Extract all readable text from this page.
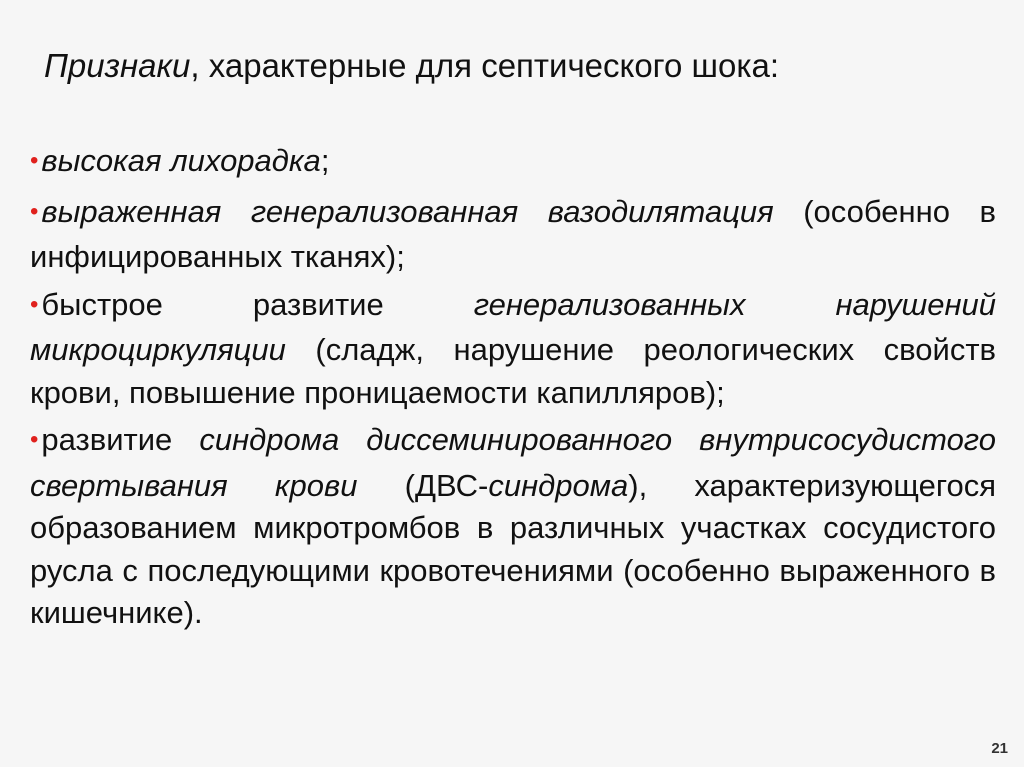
Признаки, характерные для септического шока:
•высокая лихорадка;
•выраженная генерализованная вазодилятация (особенно в инфицированных тканях);
•быстрое развитие генерализованных нарушений микроциркуляции (сладж, нарушение реологических свойств крови, повышение проницаемости капилляров);
•развитие синдрома диссеминированного внутрисосудистого свертывания крови (ДВС-синдрома), характеризующегося образованием микротромбов в различных участках сосудистого русла с последующими кровотечениями (особенно выраженного в кишечнике).
21
